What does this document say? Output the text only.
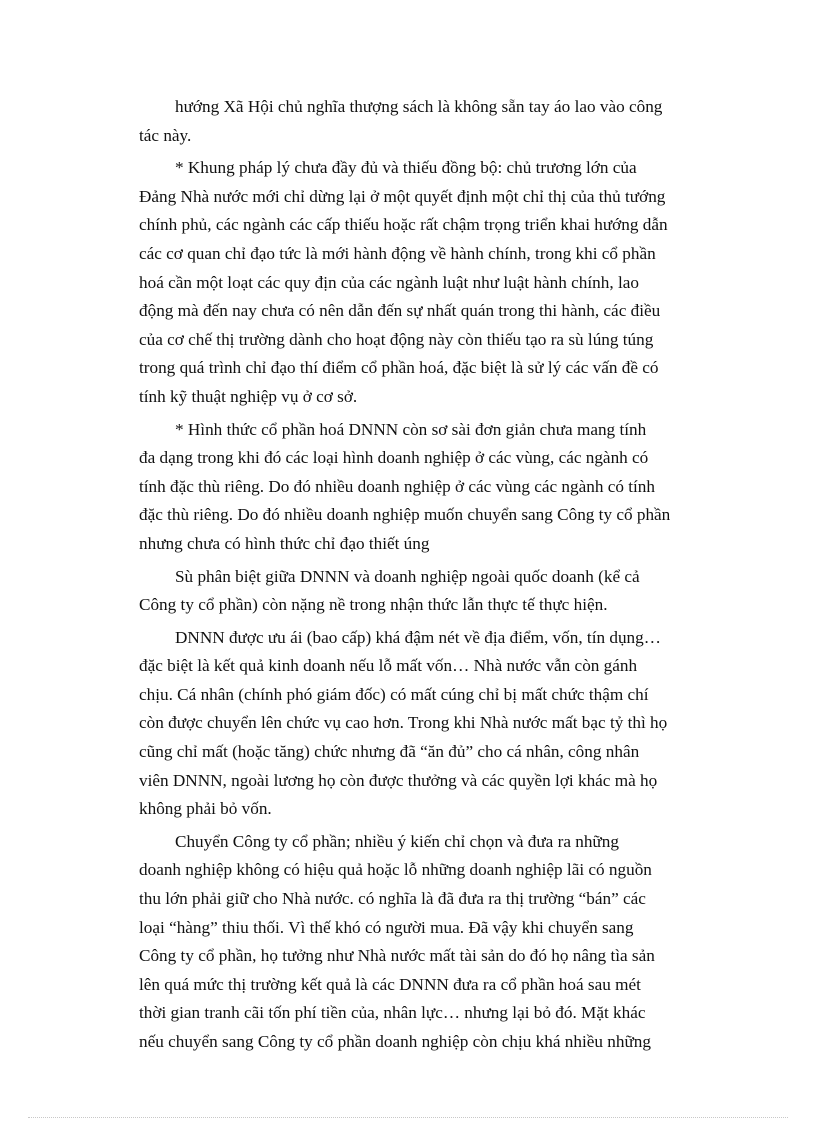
hướng Xã Hội chủ nghĩa thượng sách là không sẵn tay áo lao vào công
tác này.
* Khung pháp lý chưa đầy đủ và thiếu đồng bộ: chủ trương lớn của
Đảng Nhà nước mới chỉ dừng lại ở một quyết định một chỉ thị của thủ tướng
chính phủ, các ngành các cấp thiếu hoặc rất chậm trọng triển khai hướng dẫn
các cơ quan chỉ đạo tức là mới hành động về hành chính, trong khi cổ phần
hoá cần một loạt các quy địn của các ngành luật như luật hành chính, lao
động mà đến nay chưa có nên dẫn đến sự nhất quán trong thi hành, các điều
của cơ chế thị trường dành cho hoạt động này còn thiếu tạo ra sù lúng túng
trong quá trình chỉ đạo thí điểm cổ phần hoá, đặc biệt là sử lý các vấn đề có
tính kỹ thuật nghiệp vụ ở cơ sở.
* Hình thức cổ phần hoá DNNN còn sơ sài đơn giản chưa mang tính
đa dạng trong khi đó các loại hình doanh nghiệp ở các vùng, các ngành có
tính đặc thù riêng. Do đó nhiều doanh nghiệp ở các vùng các ngành có tính
đặc thù riêng. Do đó nhiều doanh nghiệp muốn chuyển sang Công ty cổ phần
nhưng chưa có hình thức chỉ đạo thiết úng
Sù phân biệt giữa DNNN và doanh nghiệp ngoài quốc doanh (kể cả
Công ty cổ phần) còn nặng nề trong nhận thức lẫn thực tế thực hiện.
DNNN được ưu ái (bao cấp) khá đậm nét về địa điểm, vốn, tín dụng…
đặc biệt là kết quả kinh doanh nếu lỗ mất vốn… Nhà nước vẫn còn gánh
chịu. Cá nhân (chính phó giám đốc) có mất cúng chỉ bị mất chức thậm chí
còn được chuyển lên chức vụ cao hơn. Trong khi Nhà nước mất bạc tỷ thì họ
cũng chỉ mất (hoặc tăng) chức nhưng đã “ăn đủ” cho cá nhân, công nhân
viên DNNN, ngoài lương họ còn được thưởng và các quyền lợi khác mà họ
không phải bỏ vốn.
Chuyển Công ty cổ phần; nhiều ý kiến chỉ chọn và đưa ra những
doanh nghiệp không có hiệu quả hoặc lỗ những doanh nghiệp lãi có nguồn
thu lớn phải giữ cho Nhà nước. có nghĩa là đã đưa ra thị trường “bán” các
loại “hàng” thiu thối. Vì thế khó có người mua. Đã vậy khi chuyển sang
Công ty cổ phần, họ tưởng như Nhà nước mất tài sản do đó họ nâng tìa sản
lên quá mức thị trường kết quả là các DNNN đưa ra cổ phần hoá sau mét
thời gian tranh cãi tốn phí tiền của, nhân lực… nhưng lại bỏ đó. Mặt khác
nếu chuyển sang Công ty cổ phần doanh nghiệp còn chịu khá nhiều những
